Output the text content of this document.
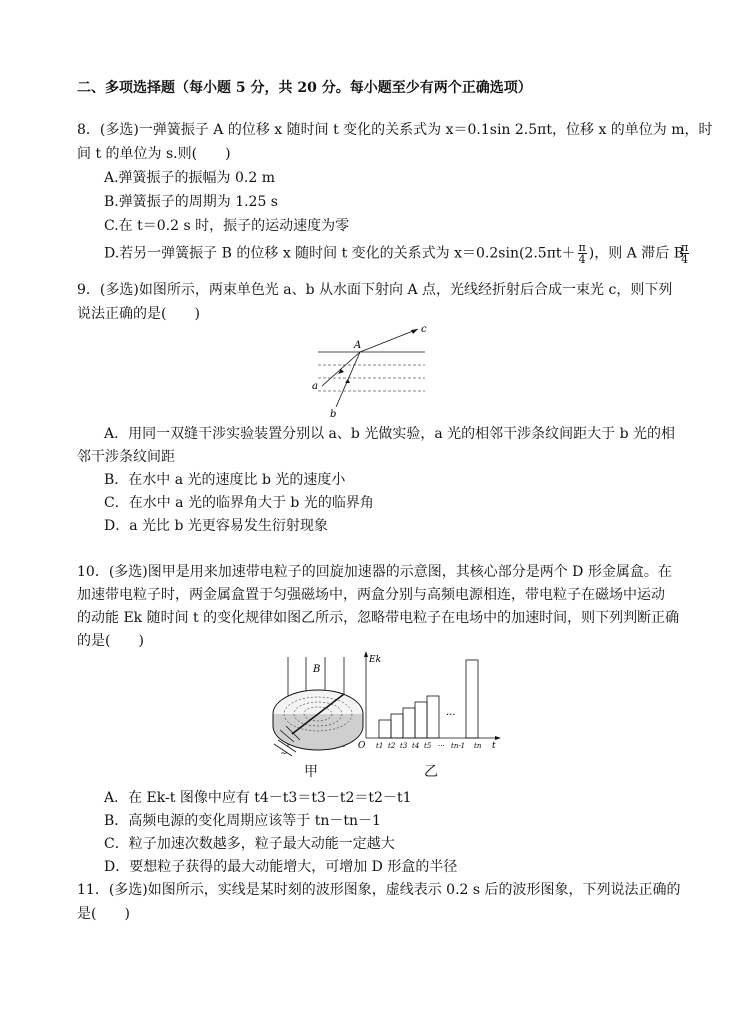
二、多项选择题（每小题 5 分，共 20 分。每小题至少有两个正确选项）
8．(多选)一弹簧振子 A 的位移 x 随时间 t 变化的关系式为 x＝0.1sin 2.5πt，位移 x 的单位为 m，时
间 t 的单位为 s.则(　　)
A.弹簧振子的振幅为 0.2 m
B.弹簧振子的周期为 1.25 s
C.在 t＝0.2 s 时，振子的运动速度为零
D.若另一弹簧振子 B 的位移 x 随时间 t 变化的关系式为 $x=0.2\sin(2.5\pi t+ \frac{\pi}{4}$ )，则 A 滞后 B
$\frac{\pi}{4}$
9．(多选)如图所示，两束单色光 a、b 从水面下射向 A 点，光线经折射后合成一束光 c，则下列
说法正确的是(　　)
A
a
b
c
A．用同一双缝干涉实验装置分别以 a、b 光做实验，a 光的相邻干涉条纹间距大于 b 光的相
邻干涉条纹间距
B．在水中 a 光的速度比 b 光的速度小
C．在水中 a 光的临界角大于 b 光的临界角
D．a 光比 b 光更容易发生衍射现象
10．(多选)图甲是用来加速带电粒子的回旋加速器的示意图，其核心部分是两个 D 形金属盒。在
加速带电粒子时，两金属盒置于匀强磁场中，两盒分别与高频电源相连，带电粒子在磁场中运动
的动能 Ek 随时间 t 的变化规律如图乙所示，忽略带电粒子在电场中的加速时间，则下列判断正确
的是(　　)
B
~
甲
Ek
O	t
···
t1 t2 t3 t4 t5 ··· tn-1 tn
乙
A．在 Ek-t 图像中应有 t4－t3＝t3－t2＝t2－t1
B．高频电源的变化周期应该等于 tn－tn－1
C．粒子加速次数越多，粒子最大动能一定越大
D．要想粒子获得的最大动能增大，可增加 D 形盒的半径
11．(多选)如图所示，实线是某时刻的波形图象，虚线表示 0.2 s 后的波形图象，下列说法正确的
是(　　)
